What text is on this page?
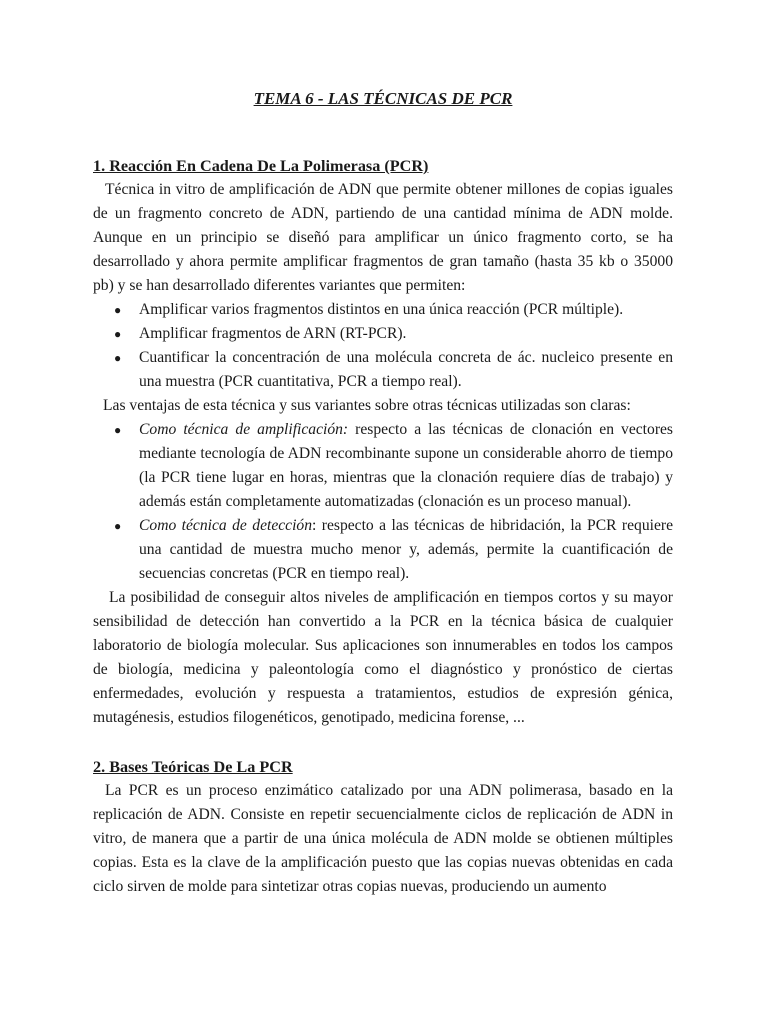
TEMA 6 - LAS TÉCNICAS DE PCR
1. Reacción En Cadena De La Polimerasa (PCR)

Técnica in vitro de amplificación de ADN que permite obtener millones de copias iguales de un fragmento concreto de ADN, partiendo de una cantidad mínima de ADN molde. Aunque en un principio se diseñó para amplificar un único fragmento corto, se ha desarrollado y ahora permite amplificar fragmentos de gran tamaño (hasta 35 kb o 35000 pb) y se han desarrollado diferentes variantes que permiten:

● Amplificar varios fragmentos distintos en una única reacción (PCR múltiple).
● Amplificar fragmentos de ARN (RT-PCR).
● Cuantificar la concentración de una molécula concreta de ác. nucleico presente en una muestra (PCR cuantitativa, PCR a tiempo real).

Las ventajas de esta técnica y sus variantes sobre otras técnicas utilizadas son claras:

● Como técnica de amplificación: respecto a las técnicas de clonación en vectores mediante tecnología de ADN recombinante supone un considerable ahorro de tiempo (la PCR tiene lugar en horas, mientras que la clonación requiere días de trabajo) y además están completamente automatizadas (clonación es un proceso manual).
● Como técnica de detección: respecto a las técnicas de hibridación, la PCR requiere una cantidad de muestra mucho menor y, además, permite la cuantificación de secuencias concretas (PCR en tiempo real).

La posibilidad de conseguir altos niveles de amplificación en tiempos cortos y su mayor sensibilidad de detección han convertido a la PCR en la técnica básica de cualquier laboratorio de biología molecular. Sus aplicaciones son innumerables en todos los campos de biología, medicina y paleontología como el diagnóstico y pronóstico de ciertas enfermedades, evolución y respuesta a tratamientos, estudios de expresión génica, mutagénesis, estudios filogenéticos, genotipado, medicina forense, ...

2. Bases Teóricas De La PCR

La PCR es un proceso enzimático catalizado por una ADN polimerasa, basado en la replicación de ADN. Consiste en repetir secuencialmente ciclos de replicación de ADN in vitro, de manera que a partir de una única molécula de ADN molde se obtienen múltiples copias. Esta es la clave de la amplificación puesto que las copias nuevas obtenidas en cada ciclo sirven de molde para sintetizar otras copias nuevas, produciendo un aumento
